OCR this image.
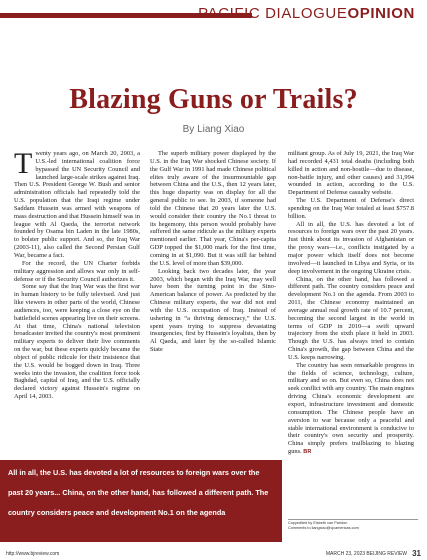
PACIFIC DIALOGUEOPINION
Blazing Guns or Trails?
By Liang Xiao

Twenty years ago, on March 20, 2003, a U.S.-led international coalition force bypassed the UN Security Council and launched large-scale strikes against Iraq. Then U.S. President George W. Bush and senior administration officials had repeatedly told the U.S. population that the Iraqi regime under Saddam Hussein was armed with weapons of mass destruction and that Hussein himself was in league with Al Qaeda, the terrorist network founded by Osama bin Laden in the late 1980s, to bolster public support. And so, the Iraq War (2003-11), also called the Second Persian Gulf War, became a fact.

For the record, the UN Charter forbids military aggression and allows war only in self-defense or if the Security Council authorizes it.

Some say that the Iraq War was the first war in human history to be fully televised. And just like viewers in other parts of the world, Chinese audiences, too, were keeping a close eye on the battlefield scenes appearing live on their screens. At that time, China's national television broadcaster invited the country's most prominent military experts to deliver their live comments on the war, but these experts quickly became the object of public ridicule for their insistence that the U.S. would be bogged down in Iraq. Three weeks into the invasion, the coalition force took Baghdad, capital of Iraq, and the U.S. officially declared victory against Hussein's regime on April 14, 2003.

The superb military power displayed by the U.S. in the Iraq War shocked Chinese society. If the Gulf War in 1991 had made Chinese political elites truly aware of the insurmountable gap between China and the U.S., then 12 years later, this huge disparity was on display for all the general public to see. In 2003, if someone had told the Chinese that 20 years later the U.S. would consider their country the No.1 threat to its hegemony, this person would probably have suffered the same ridicule as the military experts mentioned earlier. That year, China's per-capita GDP topped the $1,000 mark for the first time, coming in at $1,090. But it was still far behind the U.S. level of more than $39,000.

Looking back two decades later, the year 2003, which began with the Iraq War, may well have been the turning point in the Sino-American balance of power. As predicted by the Chinese military experts, the war did not end with the U.S. occupation of Iraq. Instead of ushering in “a thriving democracy,” the U.S. spent years trying to suppress devastating insurgencies, first by Hussein's loyalists, then by Al Qaeda, and later by the so-called Islamic State

militant group. As of July 19, 2021, the Iraq War had recorded 4,431 total deaths (including both killed in action and non-hostile—due to disease, non-battle injury, and other causes) and 31,994 wounded in action, according to the U.S. Department of Defense casualty website.

The U.S. Department of Defense's direct spending on the Iraq War totaled at least $757.8 billion.

All in all, the U.S. has devoted a lot of resources to foreign wars over the past 20 years. Just think about its invasion of Afghanistan or the proxy wars—i.e., conflicts instigated by a major power which itself does not become involved—it launched in Libya and Syria, or its deep involvement in the ongoing Ukraine crisis.

China, on the other hand, has followed a different path. The country considers peace and development No.1 on the agenda. From 2003 to 2011, the Chinese economy maintained an average annual real growth rate of 10.7 percent, becoming the second largest in the world in terms of GDP in 2010—a swift upward trajectory from the sixth place it held in 2003. Though the U.S. has always tried to contain China's growth, the gap between China and the U.S. keeps narrowing.

The country has seen remarkable progress in the fields of science, technology, culture, military and so on. But even so, China does not seek conflict with any country. The main engines driving China's economic development are export, infrastructure investment and domestic consumption. The Chinese people have an aversion to war because only a peaceful and stable international environment is conducive to their country's own security and prosperity. China simply prefers trailblazing to blazing guns. BR

All in all, the U.S. has devoted a lot of resources to foreign wars over the past 20 years... China, on the other hand, has followed a different path. The country considers peace and development No.1 on the agenda
Copyedited by Elsbeth van Paridon
Comments to liangxiao@cjcamericas.com
http://www.bjreview.com	MARCH 23, 2023 BEIJING REVIEW 31
